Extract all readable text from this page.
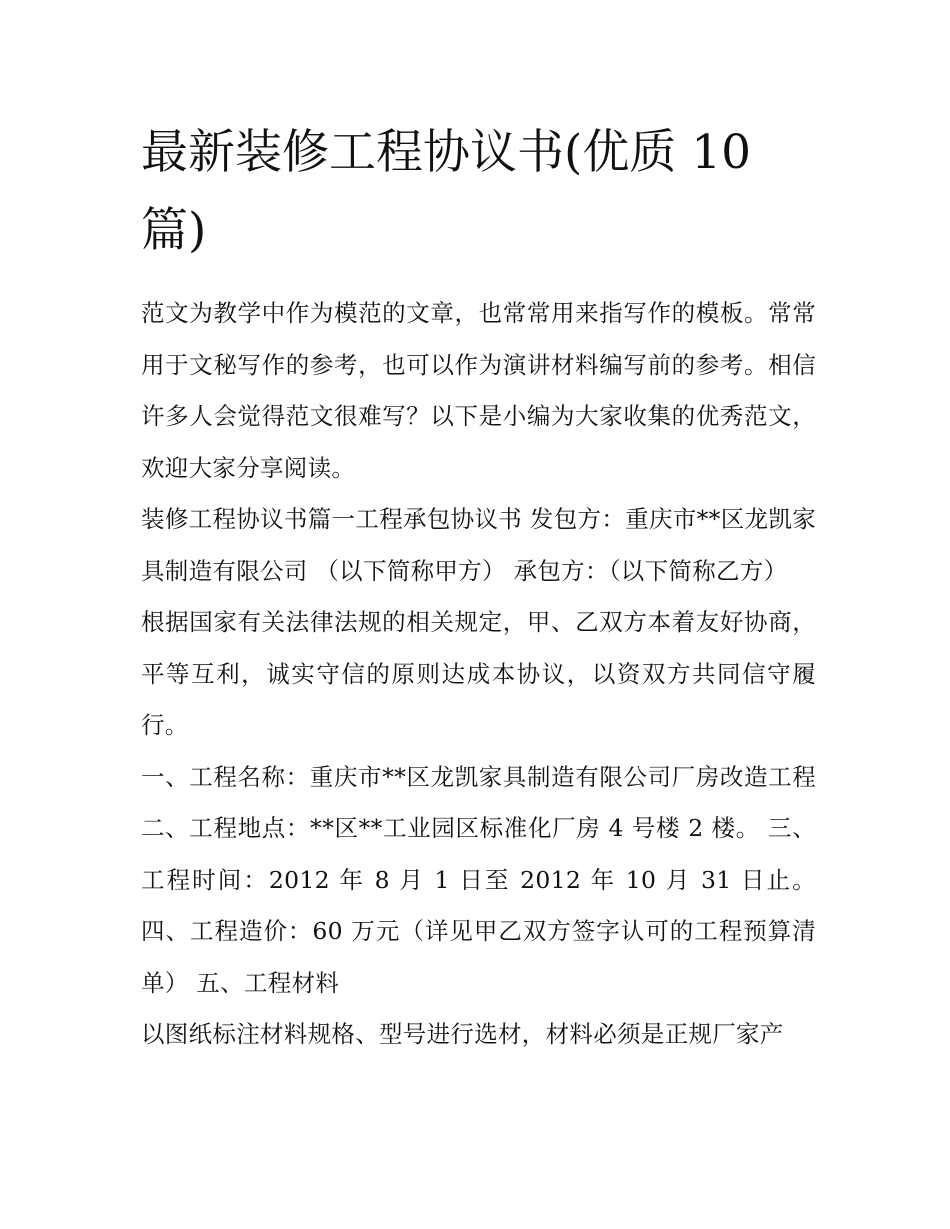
最新装修工程协议书(优质 10 篇)

范文为教学中作为模范的文章，也常常用来指写作的模板。常常用于文秘写作的参考，也可以作为演讲材料编写前的参考。相信许多人会觉得范文很难写？以下是小编为大家收集的优秀范文，欢迎大家分享阅读。

装修工程协议书篇一工程承包协议书 发包方：重庆市**区龙凯家具制造有限公司 （以下简称甲方） 承包方：（以下简称乙方）

根据国家有关法律法规的相关规定，甲、乙双方本着友好协商，平等互利，诚实守信的原则达成本协议，以资双方共同信守履行。

一、工程名称：重庆市**区龙凯家具制造有限公司厂房改造工程 二、工程地点：**区**工业园区标准化厂房 4 号楼 2 楼。 三、工程时间：2012 年 8 月 1 日至 2012 年 10 月 31 日止。 四、工程造价：60 万元（详见甲乙双方签字认可的工程预算清单） 五、工程材料

以图纸标注材料规格、型号进行选材，材料必须是正规厂家产
